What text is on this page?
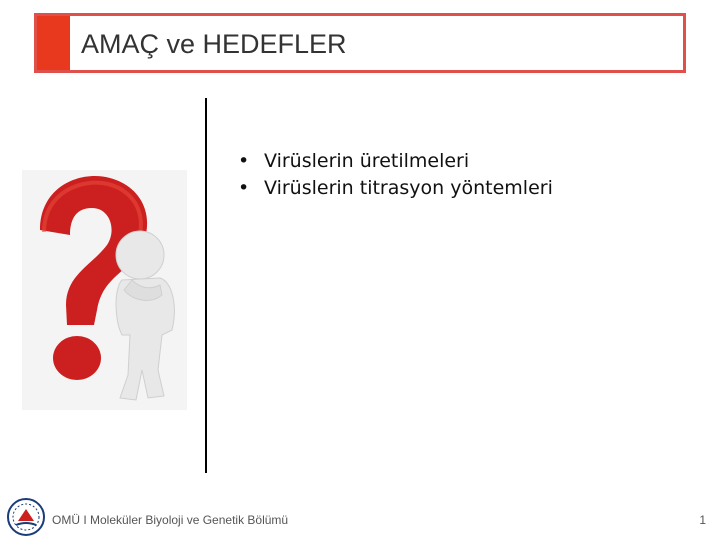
AMAÇ ve HEDEFLER
• Virüslerin üretilmeleri
• Virüslerin titrasyon yöntemleri
OMÜ I Moleküler Biyoloji ve Genetik Bölümü	1
